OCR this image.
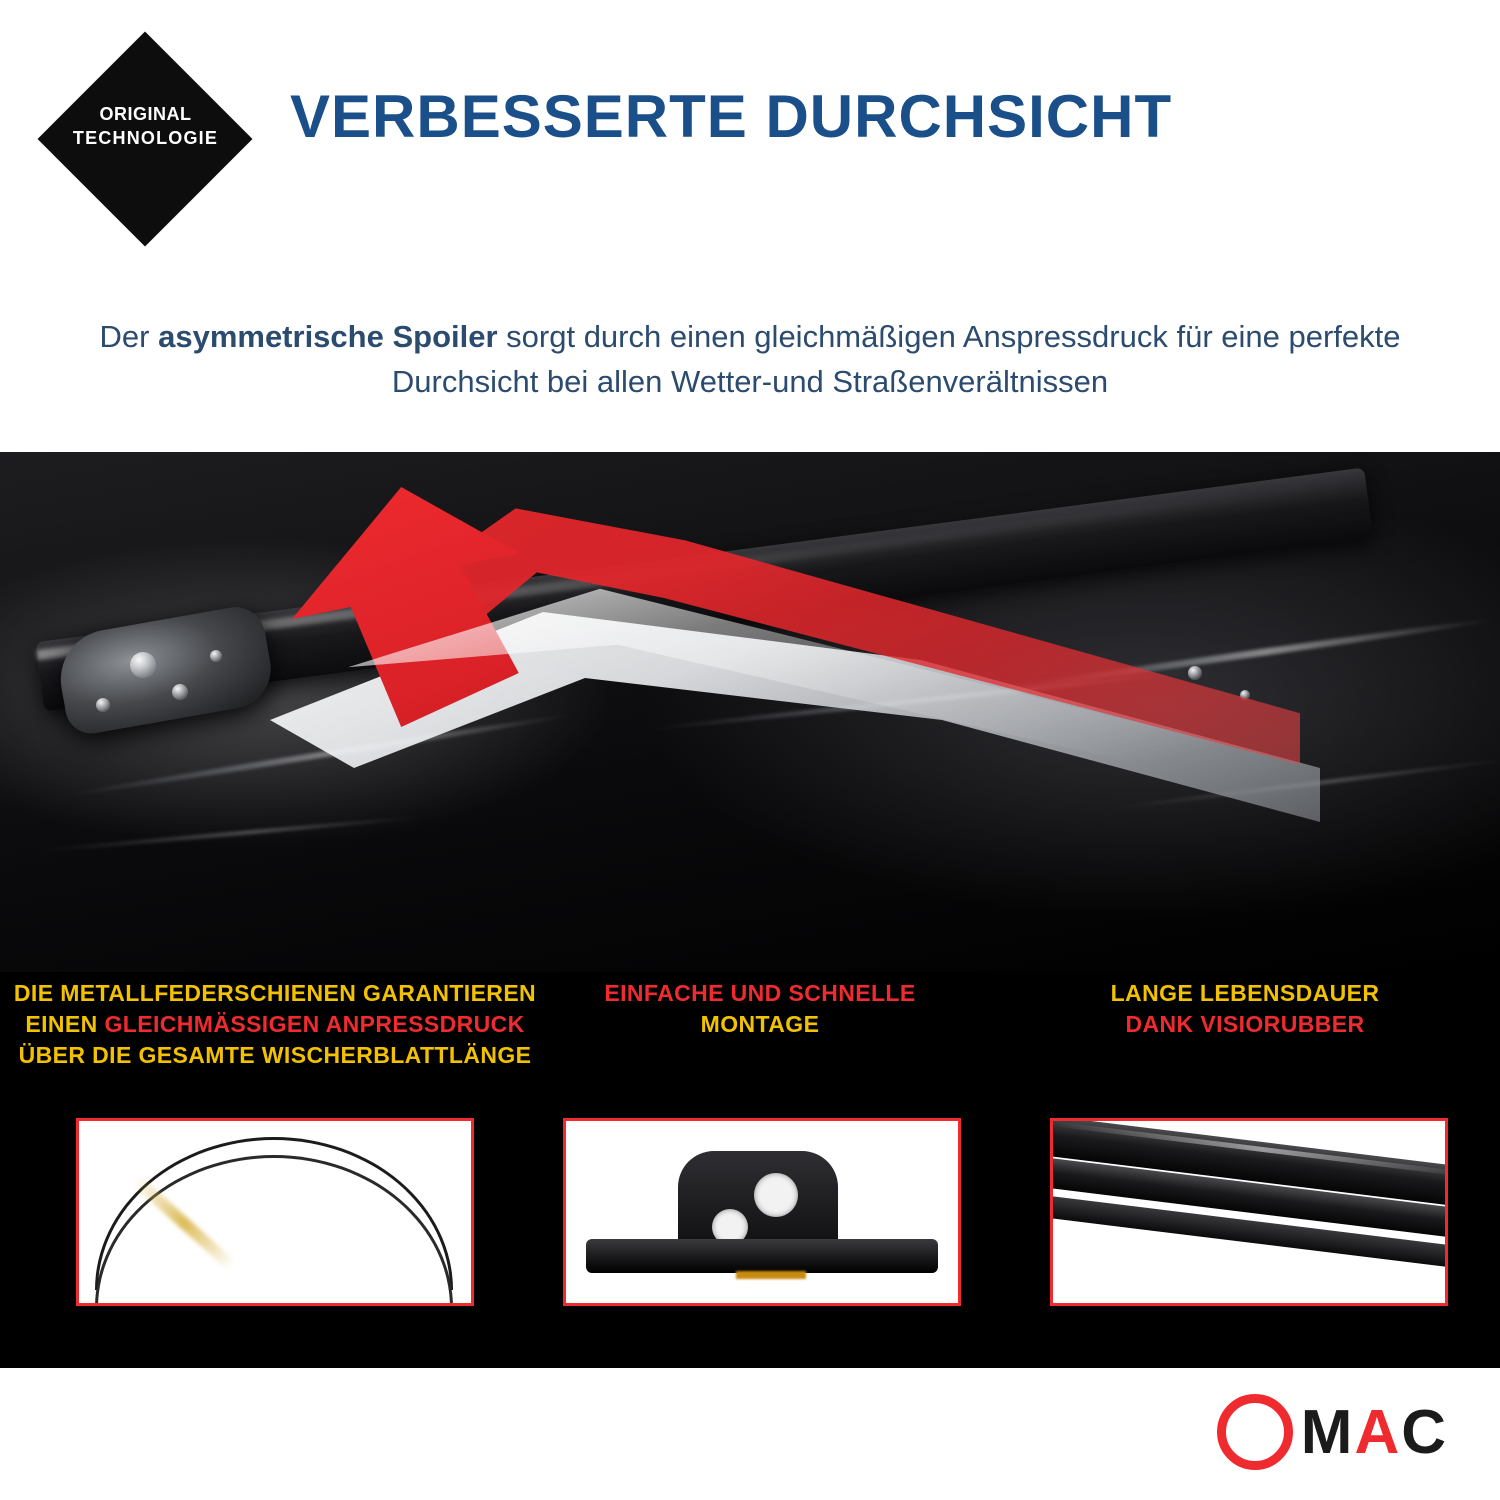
ORIGINAL
TECHNOLOGIE	VERBESSERTE DURCHSICHT
Der asymmetrische Spoiler sorgt durch einen gleichmäßigen Anspressdruck für eine perfekte Durchsicht bei allen Wetter-und Straßenverältnissen
DIE METALLFEDERSCHIENEN GARANTIEREN
EINEN GLEICHMÄSSIGEN ANPRESSDRUCK
ÜBER DIE GESAMTE WISCHERBLATTLÄNGE
EINFACHE UND SCHNELLE
MONTAGE
LANGE LEBENSDAUER
DANK VISIORUBBER
M A C
